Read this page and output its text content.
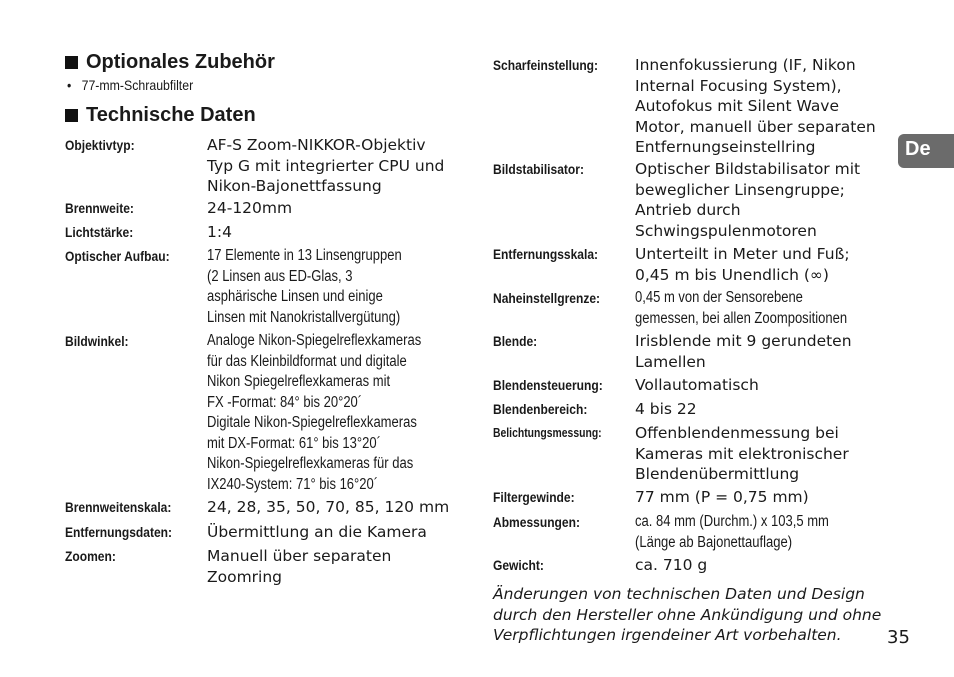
Optionales Zubehör
•   77-mm-Schraubfilter
Technische Daten
Objektivtyp:	AF-S Zoom-NIKKOR-Objektiv
Typ G mit integrierter CPU und
Nikon-Bajonettfassung
Brennweite:	24-120mm
Lichtstärke:	1:4
Optischer Aufbau: 17 Elemente in 13 Linsengruppen
(2 Linsen aus ED-Glas, 3
asphärische Linsen und einige
Linsen mit Nanokristallvergütung)
Bildwinkel:	Analoge Nikon-Spiegelreflexkameras
für das Kleinbildformat und digitale
Nikon Spiegelreflexkameras mit
FX -Format: 84° bis 20°20´
Digitale Nikon-Spiegelreflexkameras
mit DX-Format: 61° bis 13°20´
Nikon-Spiegelreflexkameras für das
IX240-System: 71° bis 16°20´
Brennweitenskala: 24, 28, 35, 50, 70, 85, 120 mm
Entfernungsdaten: Übermittlung an die Kamera
Zoomen:	Manuell über separaten
Zoomring
Scharfeinstellung: Innenfokussierung (IF, Nikon
Internal Focusing System),
Autofokus mit Silent Wave
Motor, manuell über separaten
Entfernungseinstellring
Bildstabilisator:	Optischer Bildstabilisator mit
beweglicher Linsengruppe;
Antrieb durch
Schwingspulenmotoren
Entfernungsskala: Unterteilt in Meter und Fuß;
0,45 m bis Unendlich (∞)
Naheinstellgrenze: 0,45 m von der Sensorebene
gemessen, bei allen Zoompositionen
Blende:	Irisblende mit 9 gerundeten
Lamellen
Blendensteuerung: Vollautomatisch
Blendenbereich:	4 bis 22
Belichtungsmessung: Offenblendenmessung bei
Kameras mit elektronischer
Blendenübermittlung
Filtergewinde:	77 mm (P = 0,75 mm)
Abmessungen:	ca. 84 mm (Durchm.) x 103,5 mm
(Länge ab Bajonettauflage)
Gewicht:	ca. 710 g
Änderungen von technischen Daten und Design
durch den Hersteller ohne Ankündigung und ohne
Verpflichtungen irgendeiner Art vorbehalten.
De
35
